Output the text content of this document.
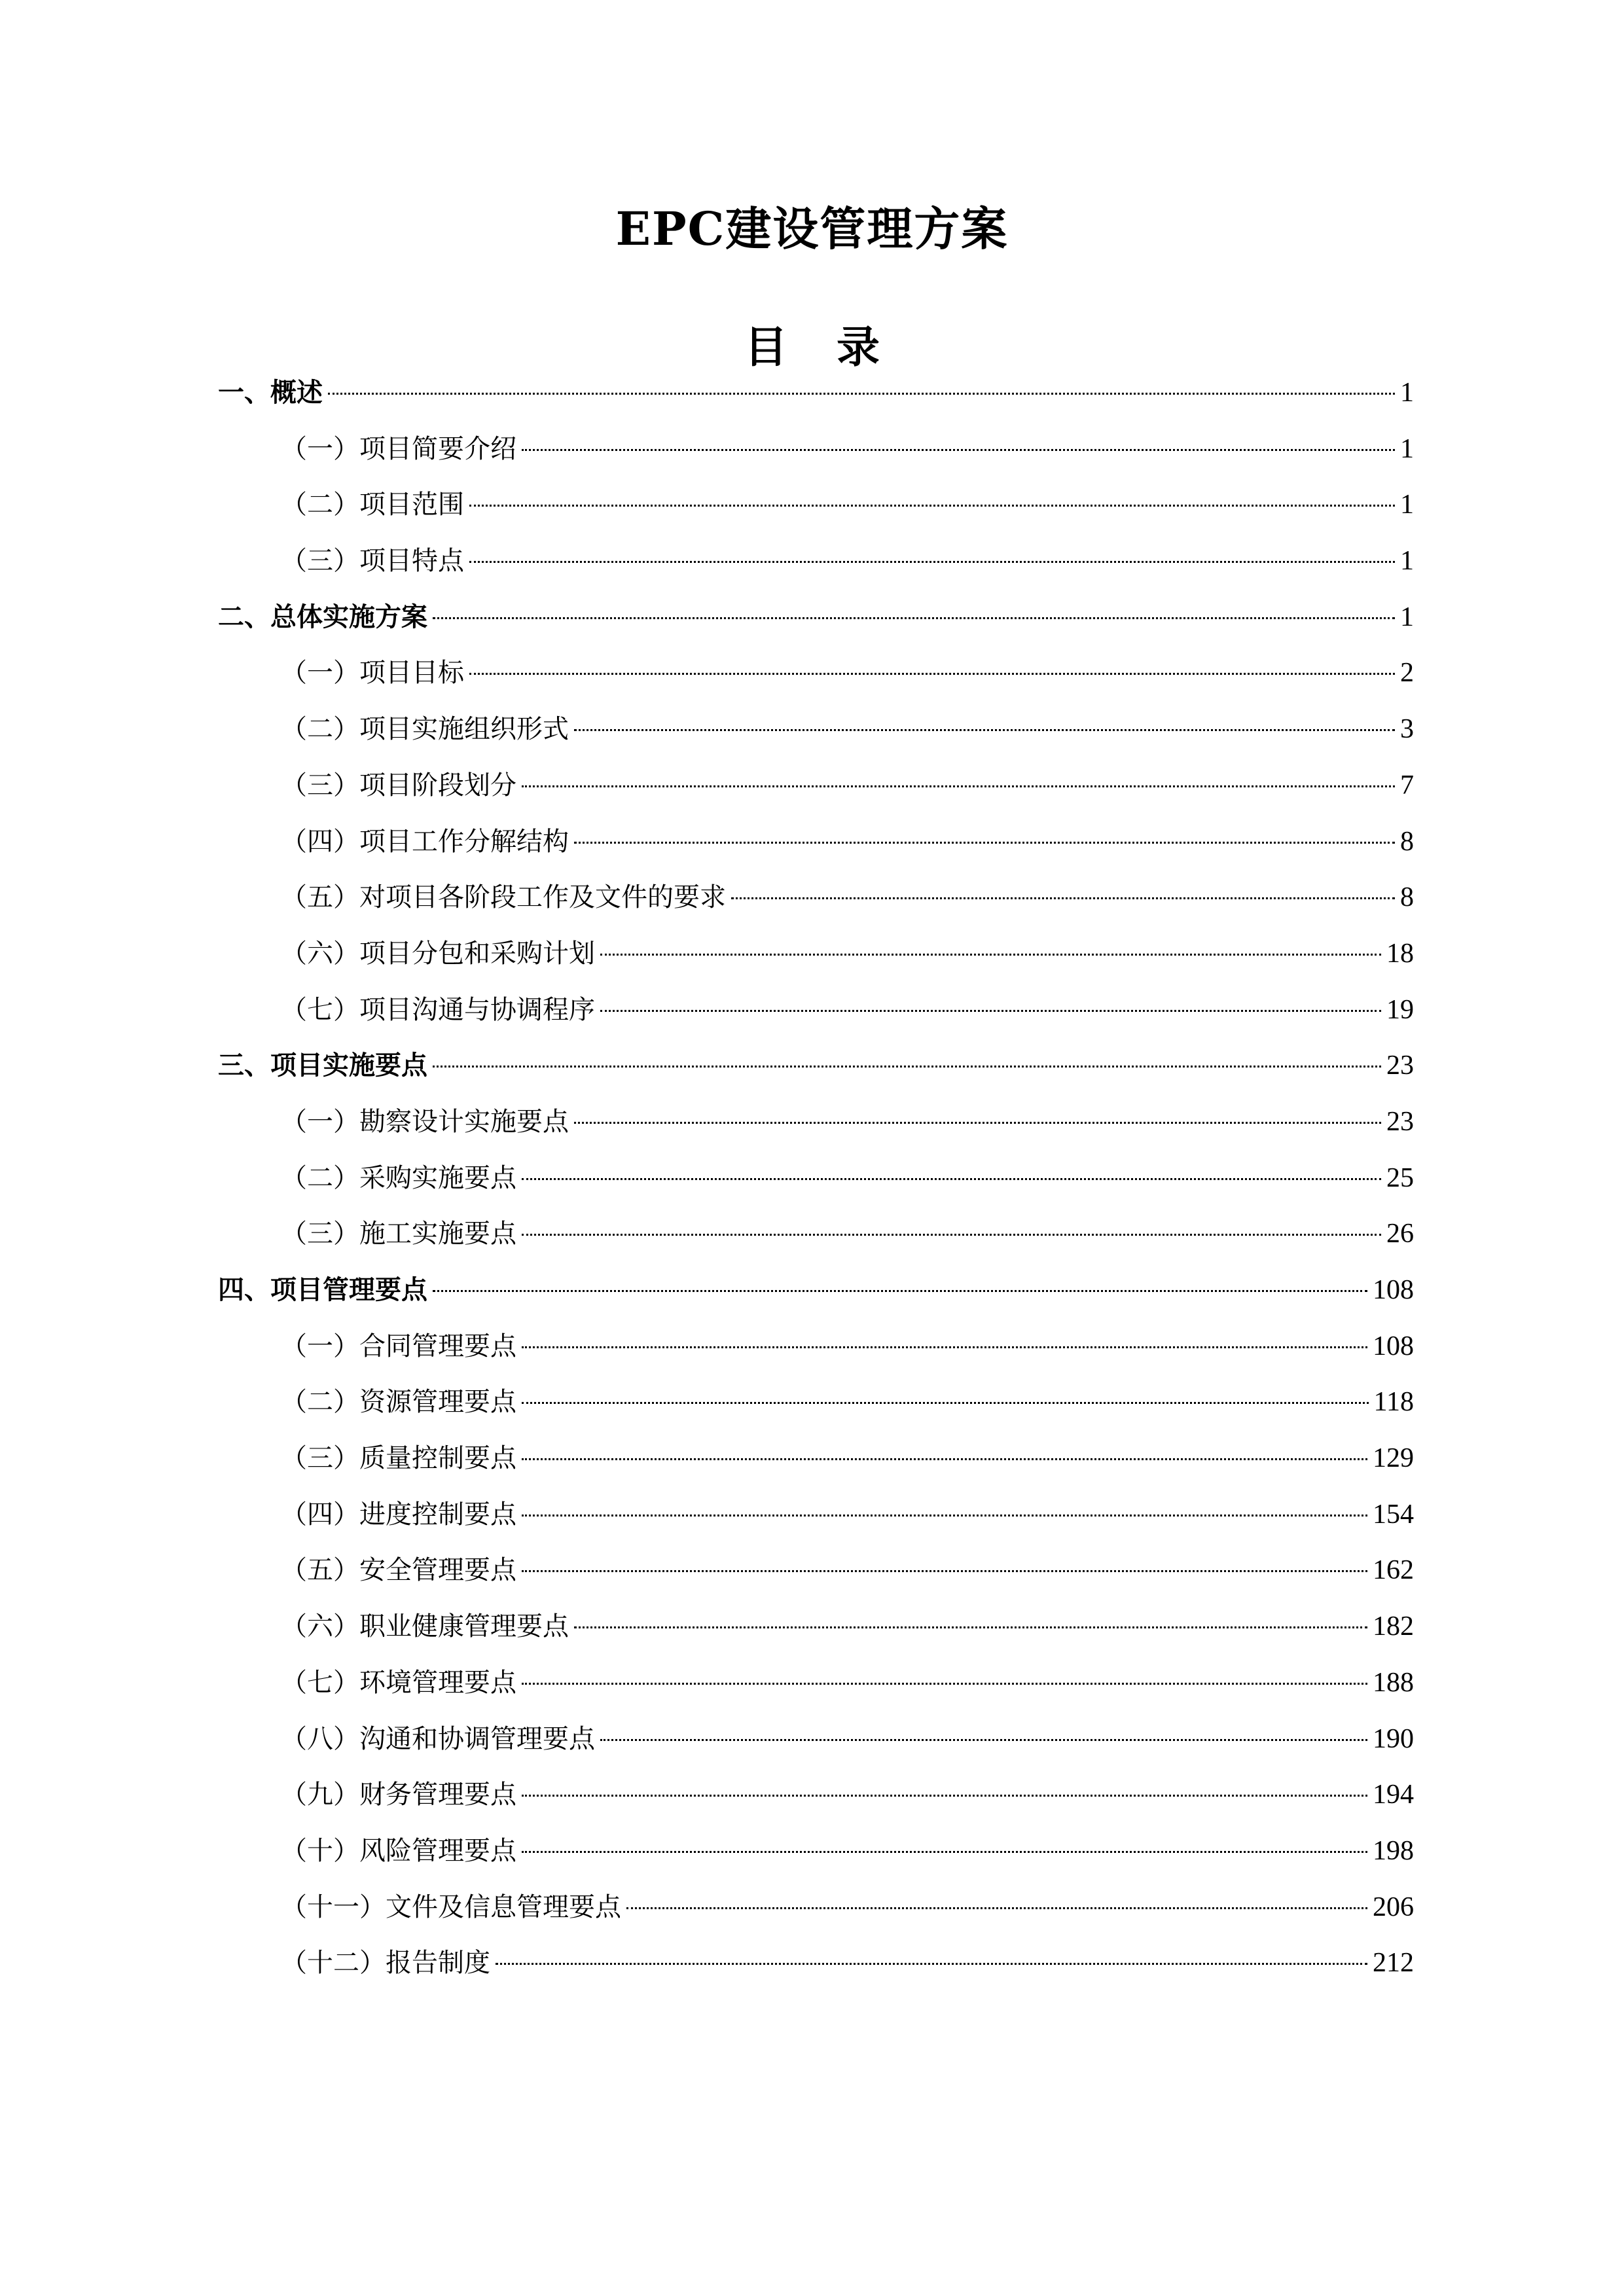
EPC建设管理方案
目 录
一、概述	1
（一）项目简要介绍	1
（二）项目范围	1
（三）项目特点	1
二、总体实施方案	1
（一）项目目标	2
（二）项目实施组织形式	3
（三）项目阶段划分	7
（四）项目工作分解结构	8
（五）对项目各阶段工作及文件的要求	8
（六）项目分包和采购计划	18
（七）项目沟通与协调程序	19
三、项目实施要点	23
（一）勘察设计实施要点	23
（二）采购实施要点	25
（三）施工实施要点	26
四、项目管理要点	108
（一）合同管理要点	108
（二）资源管理要点	118
（三）质量控制要点	129
（四）进度控制要点	154
（五）安全管理要点	162
（六）职业健康管理要点	182
（七）环境管理要点	188
（八）沟通和协调管理要点	190
（九）财务管理要点	194
（十）风险管理要点	198
（十一）文件及信息管理要点	206
（十二）报告制度	212
